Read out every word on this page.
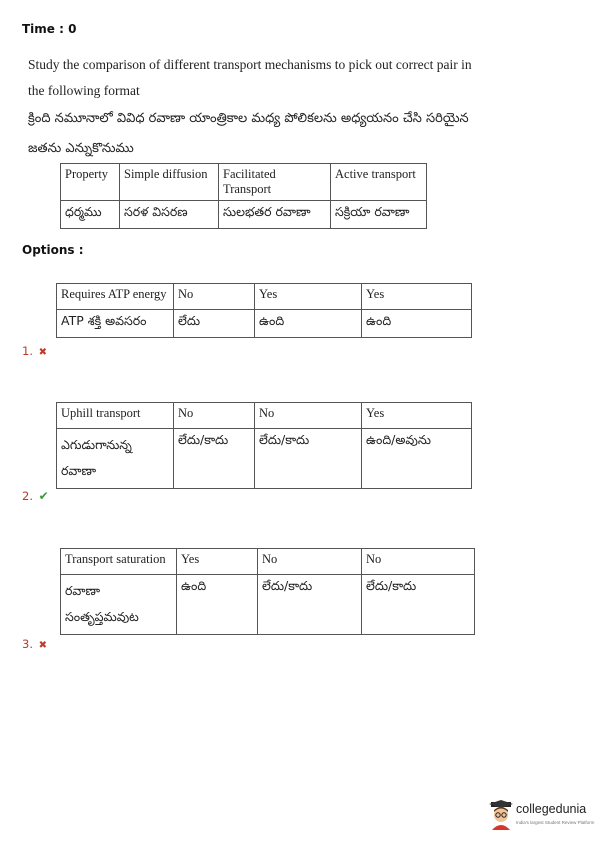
Time : 0
Study the comparison of different transport mechanisms to pick out correct pair in the following format
క్రింది నమూనాలో వివిధ రవాణా యాంత్రికాల మధ్య పోలికలను అధ్యయనం చేసి సరియైన జతను ఎన్నుకొనుము
Property	Simple diffusion	Facilitated Transport	Active transport
ధర్మము	సరళ విసరణ	సులభతర రవాణా	సక్రియా రవాణా
Options :
Requires ATP energy	No	Yes	Yes
ATP శక్తి అవసరం	లేదు	ఉంది	ఉంది
1. ✖
Uphill transport	No	No	Yes
ఎగుడుగానున్న రవాణా	లేదు/కాదు	లేదు/కాదు	ఉంది/అవును
2. ✔
Transport saturation	Yes	No	No
రవాణా సంతృప్తమవుట	ఉంది	లేదు/కాదు	లేదు/కాదు
3. ✖
collegedunia
India's largest Student Review Platform
